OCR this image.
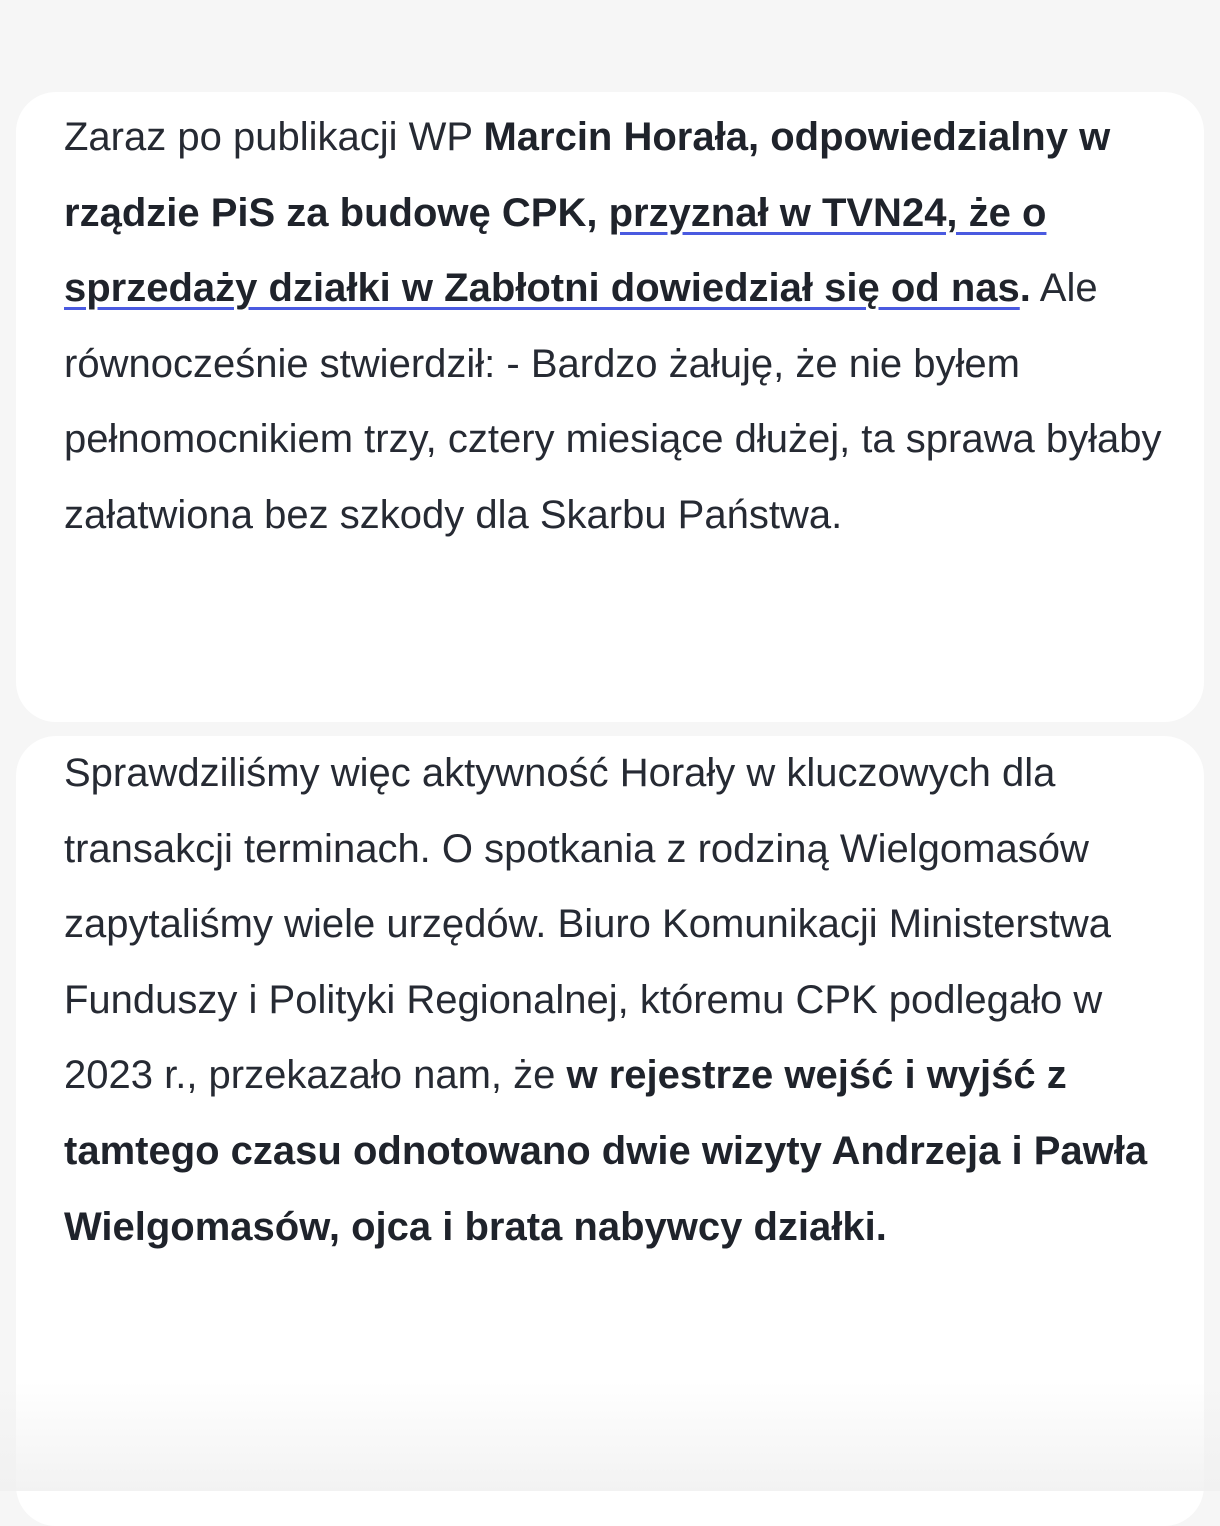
Zaraz po publikacji WP Marcin Horała, odpowiedzialny w rządzie PiS za budowę CPK, przyznał w TVN24, że o sprzedaży działki w Zabłotni dowiedział się od nas. Ale równocześnie stwierdził: - Bardzo żałuję, że nie byłem pełnomocnikiem trzy, cztery miesiące dłużej, ta sprawa byłaby załatwiona bez szkody dla Skarbu Państwa.

Sprawdziliśmy więc aktywność Horały w kluczowych dla transakcji terminach. O spotkania z rodziną Wielgomasów zapytaliśmy wiele urzędów. Biuro Komunikacji Ministerstwa Funduszy i Polityki Regionalnej, któremu CPK podlegało w 2023 r., przekazało nam, że w rejestrze wejść i wyjść z tamtego czasu odnotowano dwie wizyty Andrzeja i Pawła Wielgomasów, ojca i brata nabywcy działki.
